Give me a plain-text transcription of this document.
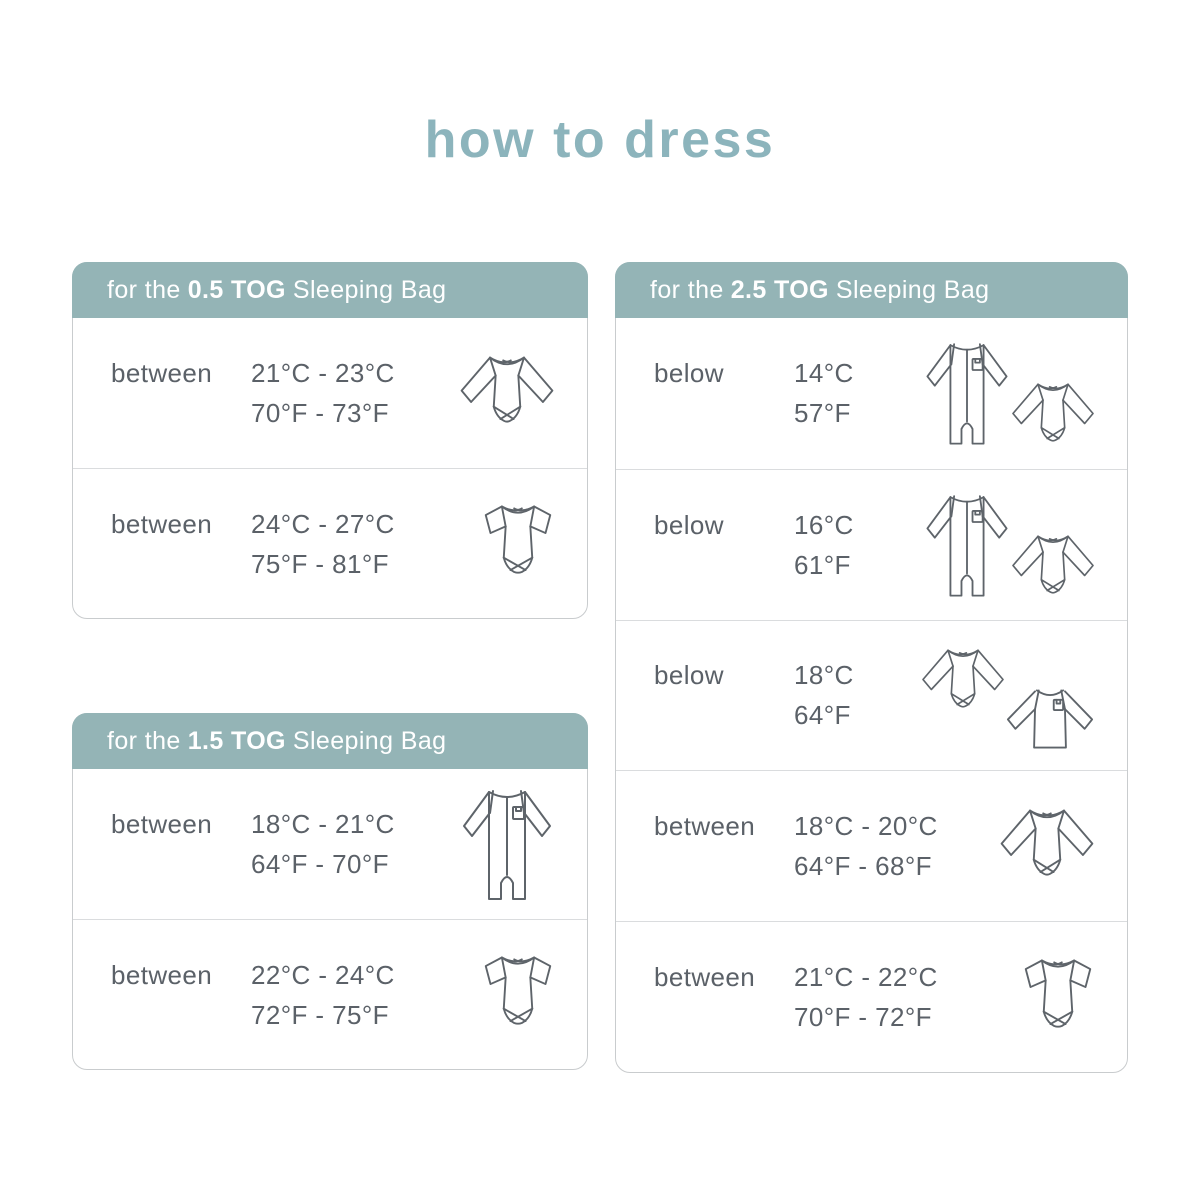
how to dress
for the 0.5 TOG Sleeping Bag
between	21°C - 23°C
70°F - 73°F
between	24°C - 27°C
75°F - 81°F
for the 1.5 TOG Sleeping Bag
between	18°C - 21°C
64°F - 70°F
between	22°C - 24°C
72°F - 75°F
for the 2.5 TOG Sleeping Bag
below	14°C
57°F
below	16°C
61°F
below	18°C
64°F
between	18°C - 20°C
64°F - 68°F
between	21°C - 22°C
70°F - 72°F
